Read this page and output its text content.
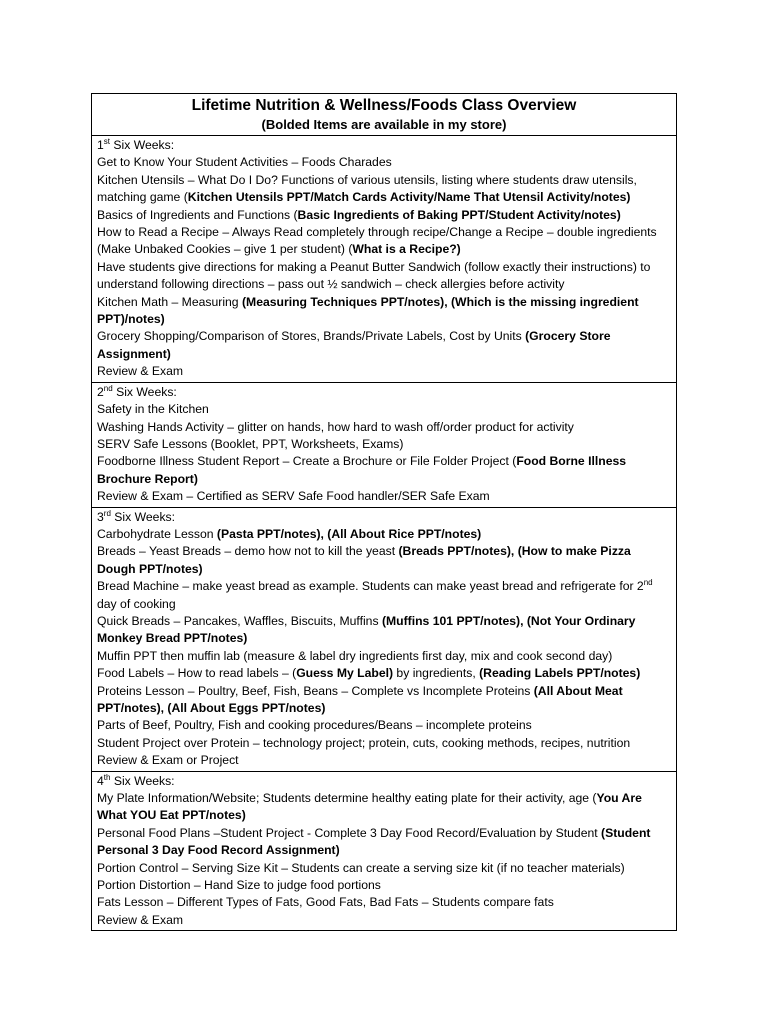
Lifetime Nutrition & Wellness/Foods Class Overview
(Bolded Items are available in my store)
1st Six Weeks:
Get to Know Your Student Activities – Foods Charades
Kitchen Utensils – What Do I Do? Functions of various utensils, listing where students draw utensils, matching game (Kitchen Utensils PPT/Match Cards Activity/Name That Utensil Activity/notes)
Basics of Ingredients and Functions (Basic Ingredients of Baking PPT/Student Activity/notes)
How to Read a Recipe – Always Read completely through recipe/Change a Recipe – double ingredients (Make Unbaked Cookies – give 1 per student) (What is a Recipe?)
Have students give directions for making a Peanut Butter Sandwich (follow exactly their instructions) to understand following directions – pass out ½ sandwich – check allergies before activity
Kitchen Math – Measuring (Measuring Techniques PPT/notes), (Which is the missing ingredient PPT)/notes)
Grocery Shopping/Comparison of Stores, Brands/Private Labels, Cost by Units (Grocery Store Assignment)
Review & Exam
2nd Six Weeks:
Safety in the Kitchen
Washing Hands Activity – glitter on hands, how hard to wash off/order product for activity
SERV Safe Lessons (Booklet, PPT, Worksheets, Exams)
Foodborne Illness Student Report – Create a Brochure or File Folder Project (Food Borne Illness Brochure Report)
Review & Exam – Certified as SERV Safe Food handler/SER Safe Exam
3rd Six Weeks:
Carbohydrate Lesson (Pasta PPT/notes), (All About Rice PPT/notes)
Breads – Yeast Breads – demo how not to kill the yeast (Breads PPT/notes), (How to make Pizza Dough PPT/notes)
Bread Machine – make yeast bread as example. Students can make yeast bread and refrigerate for 2nd day of cooking
Quick Breads – Pancakes, Waffles, Biscuits, Muffins (Muffins 101 PPT/notes), (Not Your Ordinary Monkey Bread PPT/notes)
Muffin PPT then muffin lab (measure & label dry ingredients first day, mix and cook second day)
Food Labels – How to read labels – (Guess My Label) by ingredients, (Reading Labels PPT/notes)
Proteins Lesson – Poultry, Beef, Fish, Beans – Complete vs Incomplete Proteins (All About Meat PPT/notes), (All About Eggs PPT/notes)
Parts of Beef, Poultry, Fish and cooking procedures/Beans – incomplete proteins
Student Project over Protein – technology project; protein, cuts, cooking methods, recipes, nutrition
Review & Exam or Project
4th Six Weeks:
My Plate Information/Website; Students determine healthy eating plate for their activity, age (You Are What YOU Eat PPT/notes)
Personal Food Plans –Student Project - Complete 3 Day Food Record/Evaluation by Student (Student Personal 3 Day Food Record Assignment)
Portion Control – Serving Size Kit – Students can create a serving size kit (if no teacher materials)
Portion Distortion – Hand Size to judge food portions
Fats Lesson – Different Types of Fats, Good Fats, Bad Fats – Students compare fats
Review & Exam
